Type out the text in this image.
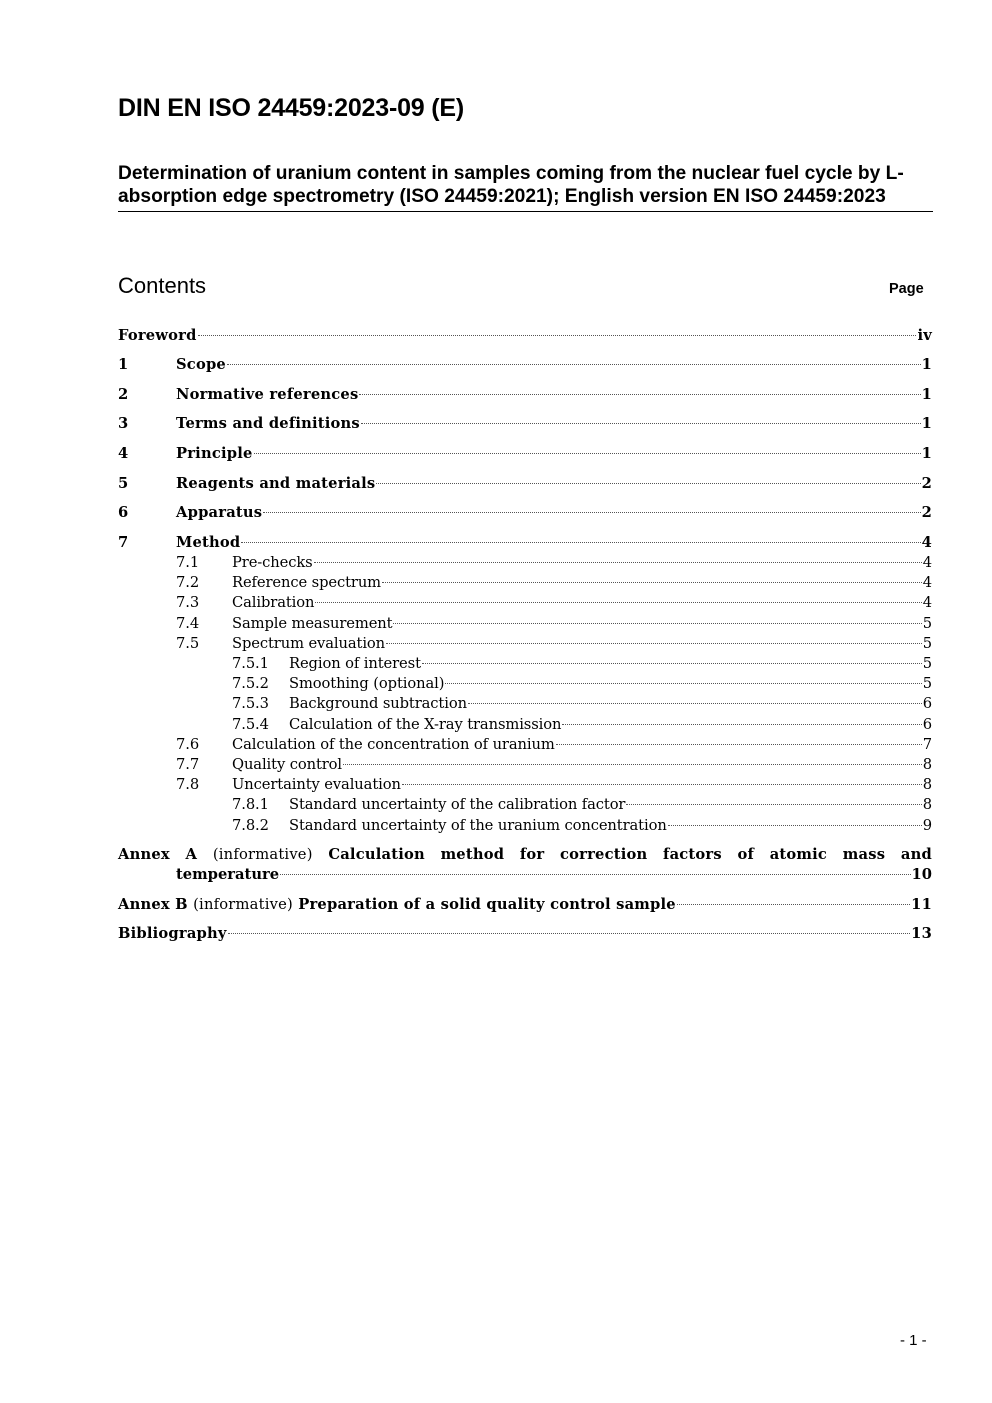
DIN EN ISO 24459:2023-09 (E)
Determination of uranium content in samples coming from the nuclear fuel cycle by L-absorption edge spectrometry (ISO 24459:2021); English version EN ISO 24459:2023
Contents	Page
Foreword	iv
1	Scope	1
2	Normative references	1
3	Terms and definitions	1
4	Principle	1
5	Reagents and materials	2
6	Apparatus	2
7	Method	4
7.1	Pre-checks	4
7.2	Reference spectrum	4
7.3	Calibration	4
7.4	Sample measurement	5
7.5	Spectrum evaluation	5
7.5.1	Region of interest	5
7.5.2	Smoothing (optional)	5
7.5.3	Background subtraction	6
7.5.4	Calculation of the X-ray transmission	6
7.6	Calculation of the concentration of uranium	7
7.7	Quality control	8
7.8	Uncertainty evaluation	8
7.8.1	Standard uncertainty of the calibration factor	8
7.8.2	Standard uncertainty of the uranium concentration	9
Annex A (informative) Calculation method for correction factors of atomic mass and
temperature	10
Annex B (informative) Preparation of a solid quality control sample	11
Bibliography	13
- 1 -
